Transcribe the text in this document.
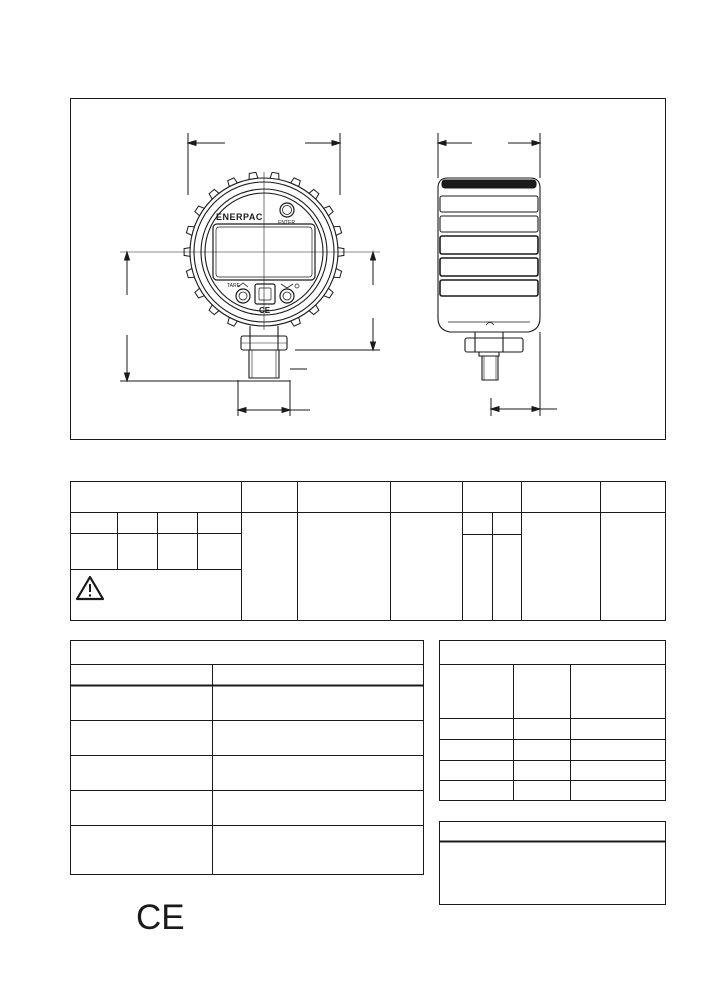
ENERPAC
ENTER
TARE
CE
CE
